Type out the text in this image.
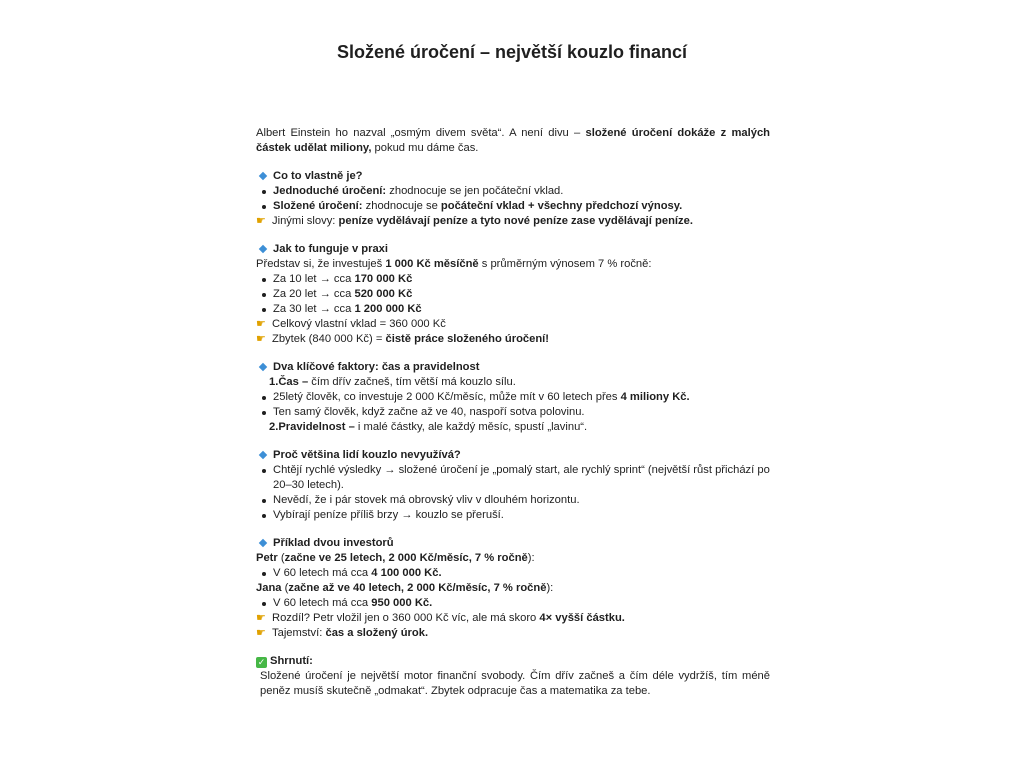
Složené úročení – největší kouzlo financí
Albert Einstein ho nazval „osmým divem světa“. A není divu – složené úročení dokáže z malých částek udělat miliony, pokud mu dáme čas.
Co to vlastně je?
Jednoduché úročení: zhodnocuje se jen počáteční vklad.
Složené úročení: zhodnocuje se počáteční vklad + všechny předchozí výnosy.
☛ Jinými slovy: peníze vydělávají peníze a tyto nové peníze zase vydělávají peníze.
Jak to funguje v praxi
Představ si, že investuješ 1 000 Kč měsíčně s průměrným výnosem 7 % ročně:
Za 10 let → cca 170 000 Kč
Za 20 let → cca 520 000 Kč
Za 30 let → cca 1 200 000 Kč
☛ Celkový vlastní vklad = 360 000 Kč
☛ Zbytek (840 000 Kč) = čistě práce složeného úročení!
Dva klíčové faktory: čas a pravidelnost
1.Čas – čím dřív začneš, tím větší má kouzlo sílu.
25letý člověk, co investuje 2 000 Kč/měsíc, může mít v 60 letech přes 4 miliony Kč.
Ten samý člověk, když začne až ve 40, naspoří sotva polovinu.
2.Pravidelnost – i malé částky, ale každý měsíc, spustí „lavinu“.
Proč většina lidí kouzlo nevyužívá?
Chtějí rychlé výsledky → složené úročení je „pomalý start, ale rychlý sprint“ (největší růst přichází po 20–30 letech).
Nevědí, že i pár stovek má obrovský vliv v dlouhém horizontu.
Vybírají peníze příliš brzy → kouzlo se přeruší.
Příklad dvou investorů
Petr (začne ve 25 letech, 2 000 Kč/měsíc, 7 % ročně):
V 60 letech má cca 4 100 000 Kč.
Jana (začne až ve 40 letech, 2 000 Kč/měsíc, 7 % ročně):
V 60 letech má cca 950 000 Kč.
☛ Rozdíl? Petr vložil jen o 360 000 Kč víc, ale má skoro 4× vyšší částku.
☛ Tajemství: čas a složený úrok.
✓ Shrnutí:
Složené úročení je největší motor finanční svobody. Čím dřív začneš a čím déle vydržíš, tím méně peněz musíš skutečně „odmakat“. Zbytek odpracuje čas a matematika za tebe.
